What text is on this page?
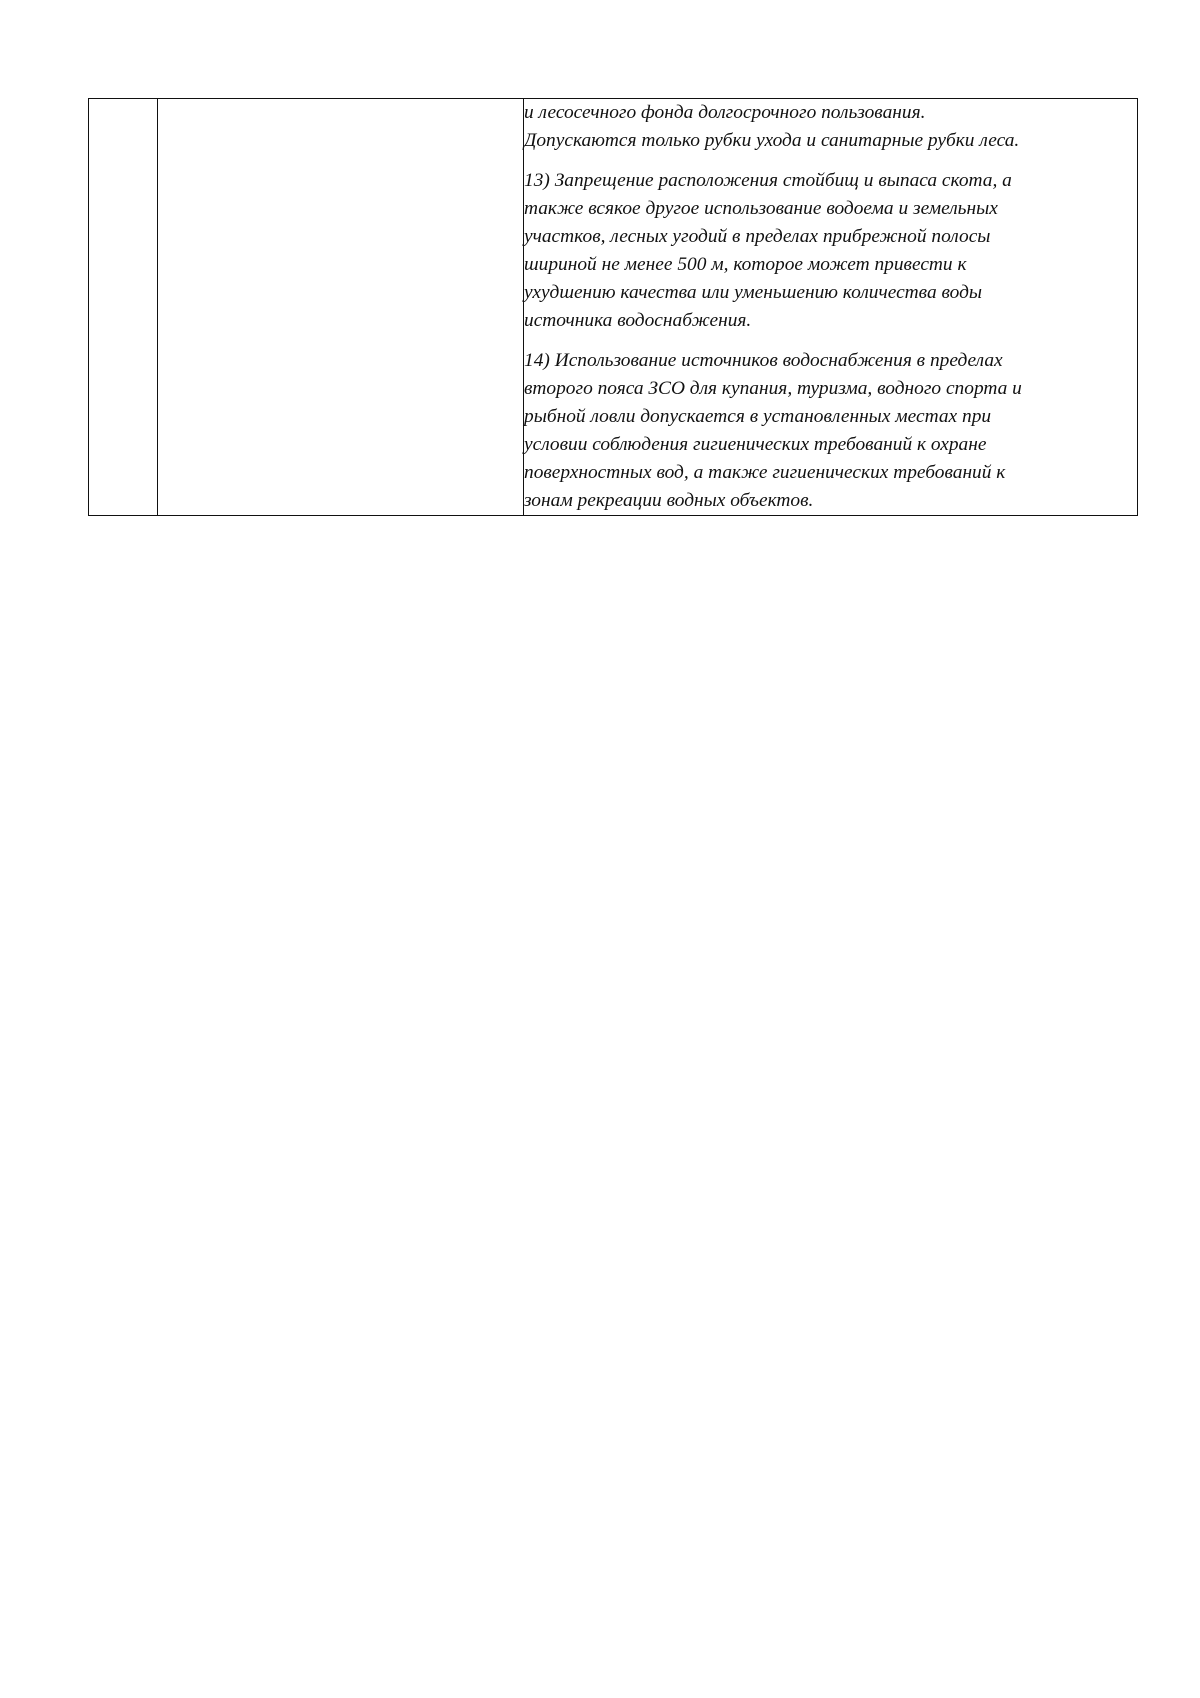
и лесосечного фонда долгосрочного пользования.
Допускаются только рубки ухода и санитарные рубки леса.

13) Запрещение расположения стойбищ и выпаса скота, а
также всякое другое использование водоема и земельных
участков, лесных угодий в пределах прибрежной полосы
шириной не менее 500 м, которое может привести к
ухудшению качества или уменьшению количества воды
источника водоснабжения.

14) Использование источников водоснабжения в пределах
второго пояса ЗСО для купания, туризма, водного спорта и
рыбной ловли допускается в установленных местах при
условии соблюдения гигиенических требований к охране
поверхностных вод, а также гигиенических требований к
зонам рекреации водных объектов.
